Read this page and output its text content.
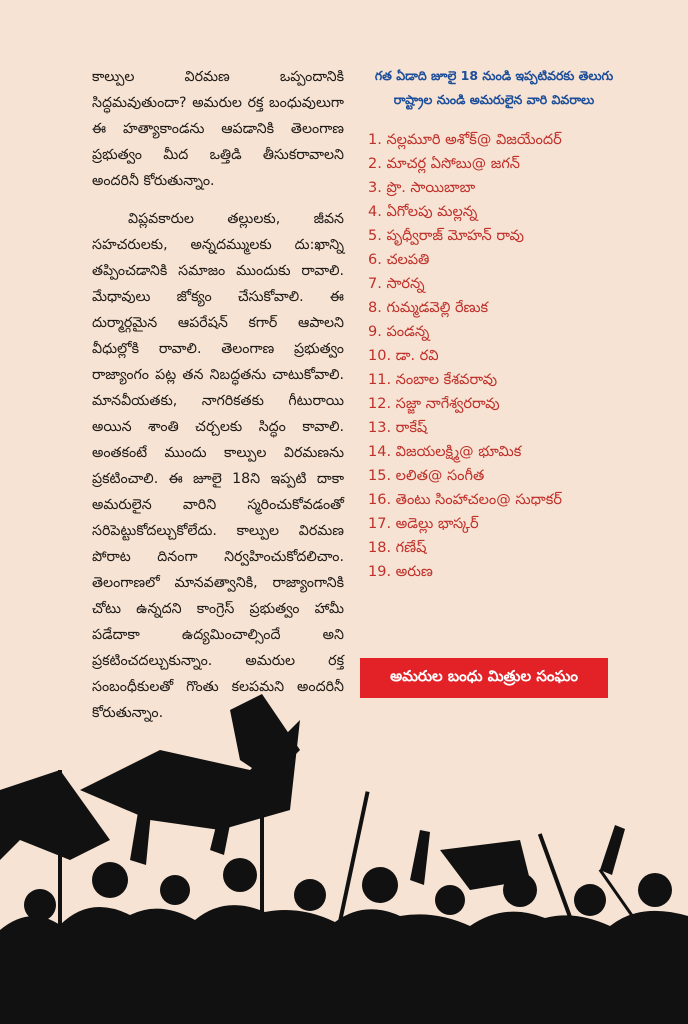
కాల్పుల విరమణ ఒప్పందానికి సిద్ధమవుతుందా? అమరుల రక్త బంధువులుగా ఈ హత్యాకాండను ఆపడానికి తెలంగాణ ప్రభుత్వం మీద ఒత్తిడి తీసుకరావాలని అందరినీ కోరుతున్నాం.

విప్లవకారుల తల్లులకు, జీవన సహచరులకు, అన్నదమ్ములకు దు:ఖాన్ని తప్పించడానికి సమాజం ముందుకు రావాలి. మేధావులు జోక్యం చేసుకోవాలి. ఈ దుర్మార్గమైన ఆపరేషన్ కగార్ ఆపాలని వీధుల్లోకి రావాలి. తెలంగాణ ప్రభుత్వం రాజ్యాంగం పట్ల తన నిబద్ధతను చాటుకోవాలి. మానవీయతకు, నాగరికతకు గీటురాయి అయిన శాంతి చర్చలకు సిద్ధం కావాలి. అంతకంటే ముందు కాల్పుల విరమణను ప్రకటించాలి. ఈ జూలై 18ని ఇప్పటి దాకా అమరులైన వారిని స్మరించుకోవడంతో సరిపెట్టుకోదల్చుకోలేదు. కాల్పుల విరమణ పోరాట దినంగా నిర్వహించుకోదలిచాం. తెలంగాణలో మానవత్వానికి, రాజ్యాంగానికి చోటు ఉన్నదని కాంగ్రెస్ ప్రభుత్వం హామీ పడేదాకా ఉద్యమించాల్సిందే అని ప్రకటించదల్చుకున్నాం. అమరుల రక్త సంబంధీకులతో గొంతు కలపమని అందరినీ కోరుతున్నాం.

గత ఏడాది జూలై 18 నుండి ఇప్పటివరకు తెలుగు రాష్ట్రాల నుండి అమరులైన వారి వివరాలు
1. నల్లమూరి అశోక్@ విజయేందర్
2. మాచర్ల ఏసోబు@ జగన్
3. ప్రొ. సాయిబాబా
4. ఏగోలపు మల్లన్న
5. పృధ్వీరాజ్ మోహన్ రావు
6. చలపతి
7. సారన్న
8. గుమ్మడవెల్లి రేణుక
9. పండన్న
10. డా. రవి
11. నంబాల కేశవరావు
12. సజ్జా నాగేశ్వరరావు
13. రాకేష్
14. విజయలక్ష్మి@ భూమిక
15. లలిత@ సంగీత
16. తెంటు సింహాచలం@ సుధాకర్
17. అడెల్లు భాస్కర్
18. గణేష్
19. అరుణ
అమరుల బంధు మిత్రుల సంఘం
